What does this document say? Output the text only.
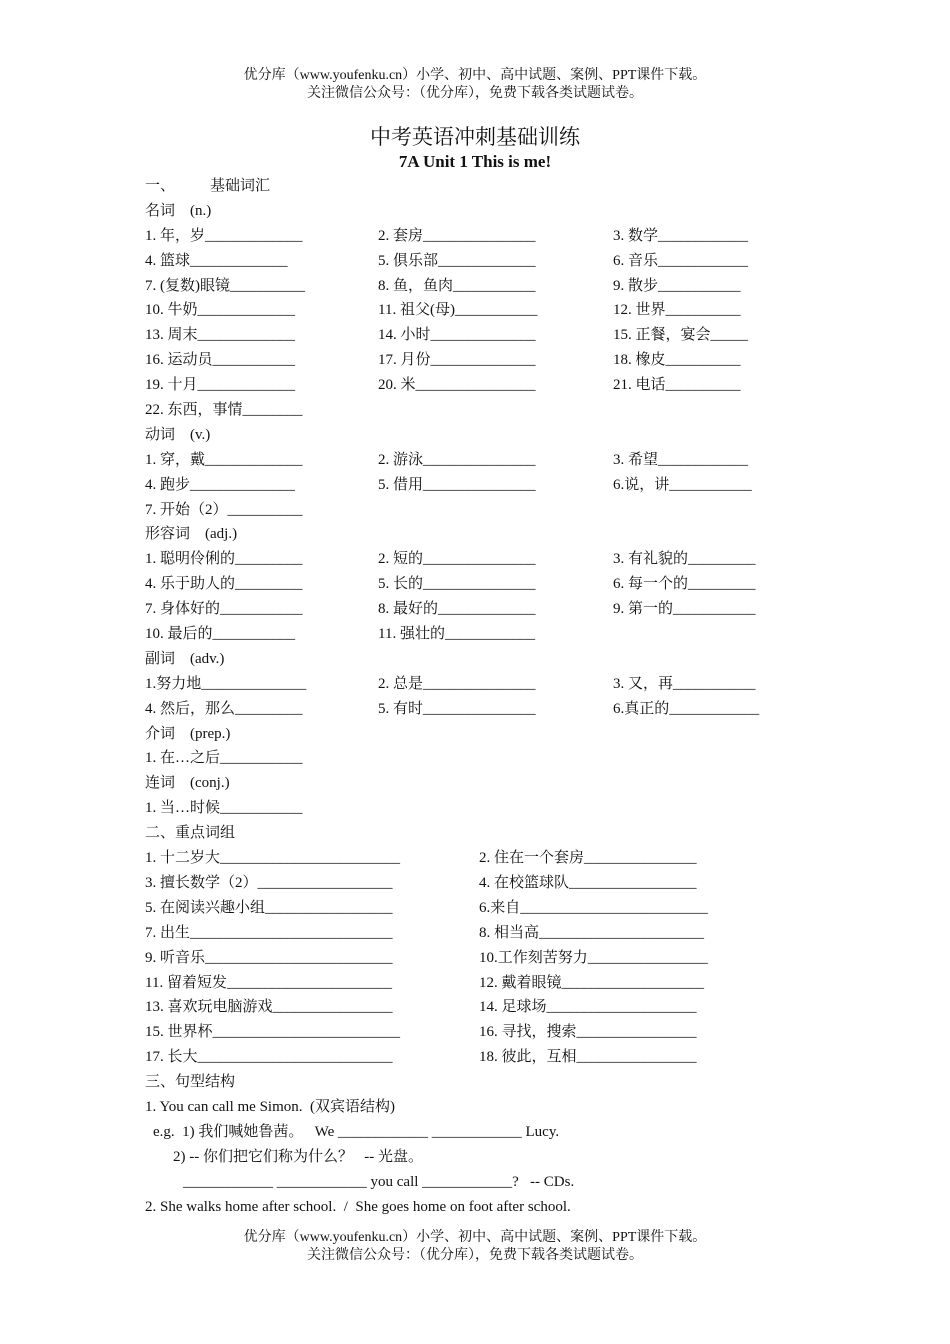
优分库（www.youfenku.cn）小学、初中、高中试题、案例、PPT课件下载。
关注微信公众号：（优分库），免费下载各类试题试卷。
中考英语冲刺基础训练
7A Unit 1 This is me!

一、

基础词汇

名词　(n.)
1. 年，岁_____________	2. 套房_______________	3. 数学____________
4. 篮球_____________	5. 俱乐部_____________	6. 音乐____________
7. (复数)眼镜__________	8. 鱼，鱼肉___________	9. 散步___________
10. 牛奶_____________	11. 祖父(母)___________	12. 世界__________
13. 周末_____________	14. 小时______________	15. 正餐，宴会_____
16. 运动员___________	17. 月份______________	18. 橡皮__________
19. 十月_____________	20. 米________________	21. 电话__________
22. 东西，事情________
动词　(v.)
1. 穿，戴_____________	2. 游泳_______________	3. 希望____________
4. 跑步______________	5. 借用_______________	6.说，讲___________
7. 开始（2）__________
形容词　(adj.)
1. 聪明伶俐的_________	2. 短的_______________	3. 有礼貌的_________
4. 乐于助人的_________	5. 长的_______________	6. 每一个的_________
7. 身体好的___________	8. 最好的_____________	9. 第一的___________
10. 最后的___________	11. 强壮的____________
副词　(adv.)
1.努力地______________	2. 总是_______________	3. 又，再___________
4. 然后，那么_________	5. 有时_______________	6.真正的____________
介词　(prep.)
1. 在…之后___________
连词　(conj.)
1. 当…时候___________
二、重点词组
1. 十二岁大________________________	2. 住在一个套房_______________
3. 擅长数学（2）__________________	4. 在校篮球队_________________
5. 在阅读兴趣小组_________________	6.来自_________________________
7. 出生___________________________	8. 相当高______________________
9. 听音乐_________________________	10.工作刻苦努力________________
11. 留着短发______________________	12. 戴着眼镜___________________
13. 喜欢玩电脑游戏________________	14. 足球场____________________
15. 世界杯_________________________	16. 寻找，搜索________________
17. 长大__________________________	18. 彼此，互相________________
三、句型结构
1. You can call me Simon.  (双宾语结构)
e.g.  1) 我们喊她鲁茜。   We ____________ ____________ Lucy.
2) -- 你们把它们称为什么？   -- 光盘。
____________ ____________ you call ____________?   -- CDs.
2. She walks home after school.  /  She goes home on foot after school.
优分库（www.youfenku.cn）小学、初中、高中试题、案例、PPT课件下载。
关注微信公众号：（优分库），免费下载各类试题试卷。
